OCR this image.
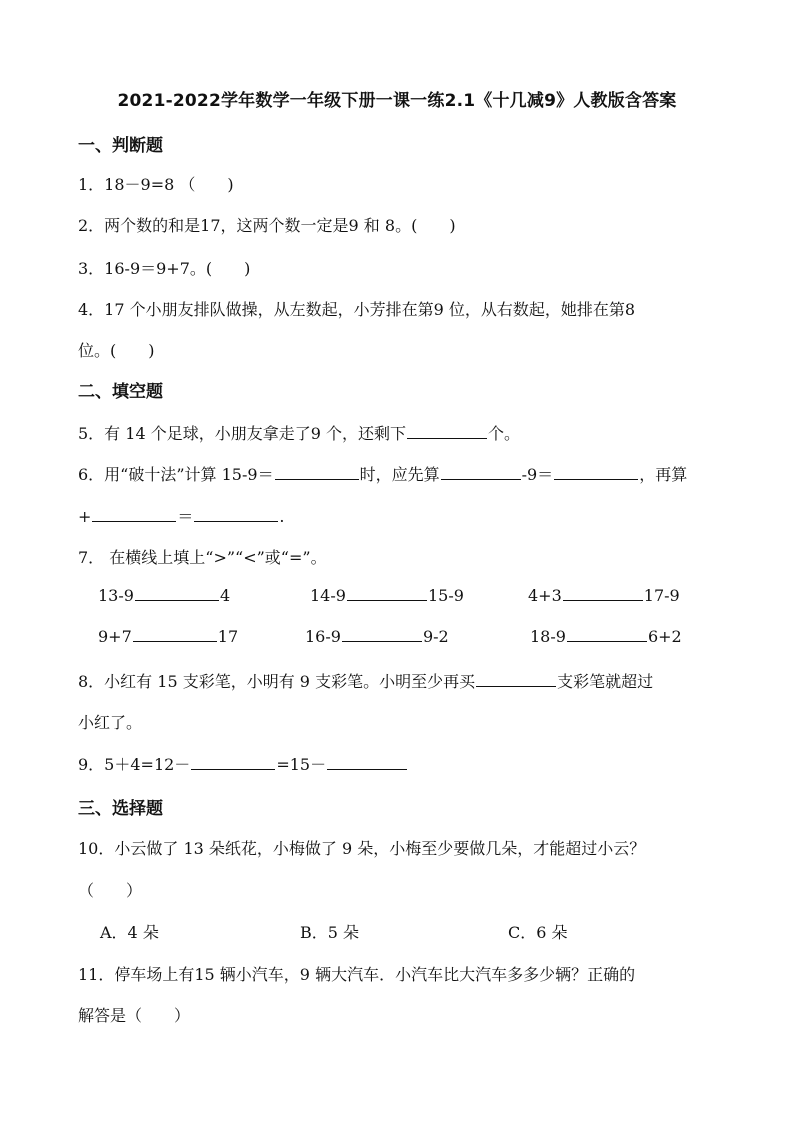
2021-2022学年数学一年级下册一课一练2.1《十几减9》人教版含答案
一、判断题
1．18－9=8 （　　)
2．两个数的和是17，这两个数一定是9 和 8。(　　)
3．16-9＝9+7。(　　)
4．17 个小朋友排队做操，从左数起，小芳排在第9 位，从右数起，她排在第8
位。(　　)
二、填空题
5．有 14 个足球，小朋友拿走了9 个，还剩下	个。
6．用“破十法”计算 15-9＝	时，应先算	-9＝	，再算
+	＝	.
7． 在横线上填上“>”“<”或“=”。
13-9	4	14-9	15-9	4+3	17-9
9+7	17	16-9	9-2	18-9	6+2
8．小红有 15 支彩笔，小明有 9 支彩笔。小明至少再买	支彩笔就超过
小红了。
9．5＋4=12－	=15－
三、选择题
10．小云做了 13 朵纸花，小梅做了 9 朵，小梅至少要做几朵，才能超过小云？
（　　）
A．4 朵	B．5 朵	C．6 朵
11．停车场上有15 辆小汽车，9 辆大汽车．小汽车比大汽车多多少辆？正确的
解答是（　　）
